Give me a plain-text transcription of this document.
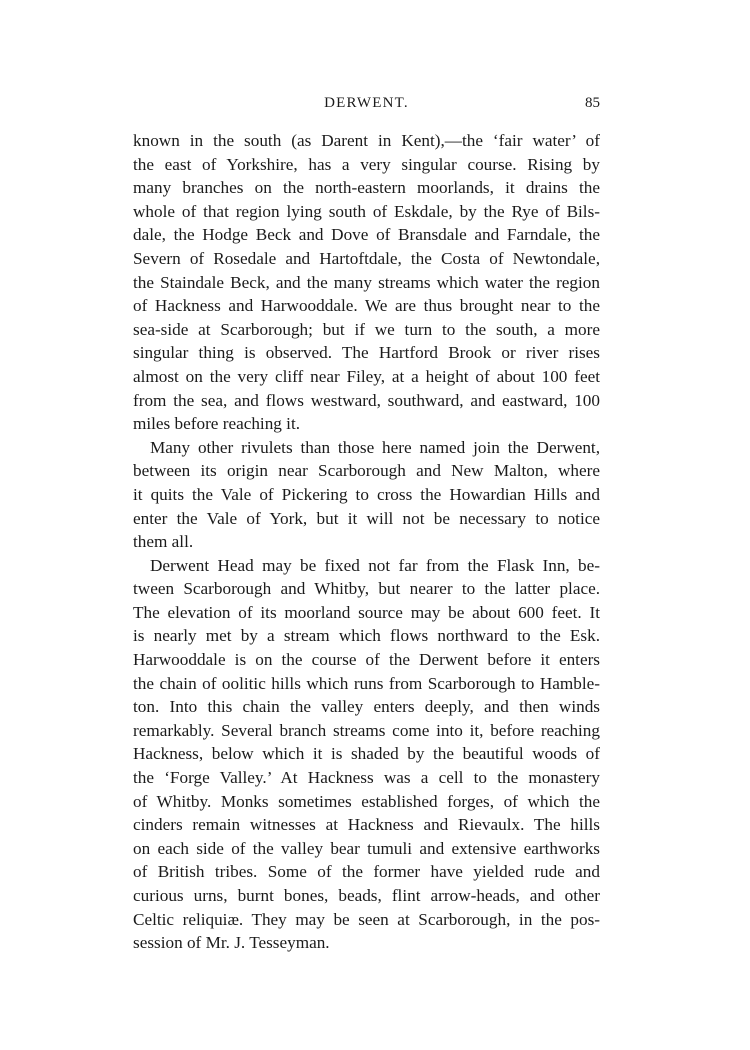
DERWENT.	85
known in the south (as Darent in Kent),—the ‘fair water’ of
the east of Yorkshire, has a very singular course. Rising by
many branches on the north-eastern moorlands, it drains the
whole of that region lying south of Eskdale, by the Rye of Bils-
dale, the Hodge Beck and Dove of Bransdale and Farndale, the
Severn of Rosedale and Hartoftdale, the Costa of Newtondale,
the Staindale Beck, and the many streams which water the region
of Hackness and Harwooddale. We are thus brought near to the
sea-side at Scarborough; but if we turn to the south, a more
singular thing is observed. The Hartford Brook or river rises
almost on the very cliff near Filey, at a height of about 100 feet
from the sea, and flows westward, southward, and eastward, 100
miles before reaching it.
Many other rivulets than those here named join the Derwent,
between its origin near Scarborough and New Malton, where
it quits the Vale of Pickering to cross the Howardian Hills and
enter the Vale of York, but it will not be necessary to notice
them all.
Derwent Head may be fixed not far from the Flask Inn, be-
tween Scarborough and Whitby, but nearer to the latter place.
The elevation of its moorland source may be about 600 feet. It
is nearly met by a stream which flows northward to the Esk.
Harwooddale is on the course of the Derwent before it enters
the chain of oolitic hills which runs from Scarborough to Hamble-
ton. Into this chain the valley enters deeply, and then winds
remarkably. Several branch streams come into it, before reaching
Hackness, below which it is shaded by the beautiful woods of
the ‘Forge Valley.’ At Hackness was a cell to the monastery
of Whitby. Monks sometimes established forges, of which the
cinders remain witnesses at Hackness and Rievaulx. The hills
on each side of the valley bear tumuli and extensive earthworks
of British tribes. Some of the former have yielded rude and
curious urns, burnt bones, beads, flint arrow-heads, and other
Celtic reliquiæ. They may be seen at Scarborough, in the pos-
session of Mr. J. Tesseyman.
